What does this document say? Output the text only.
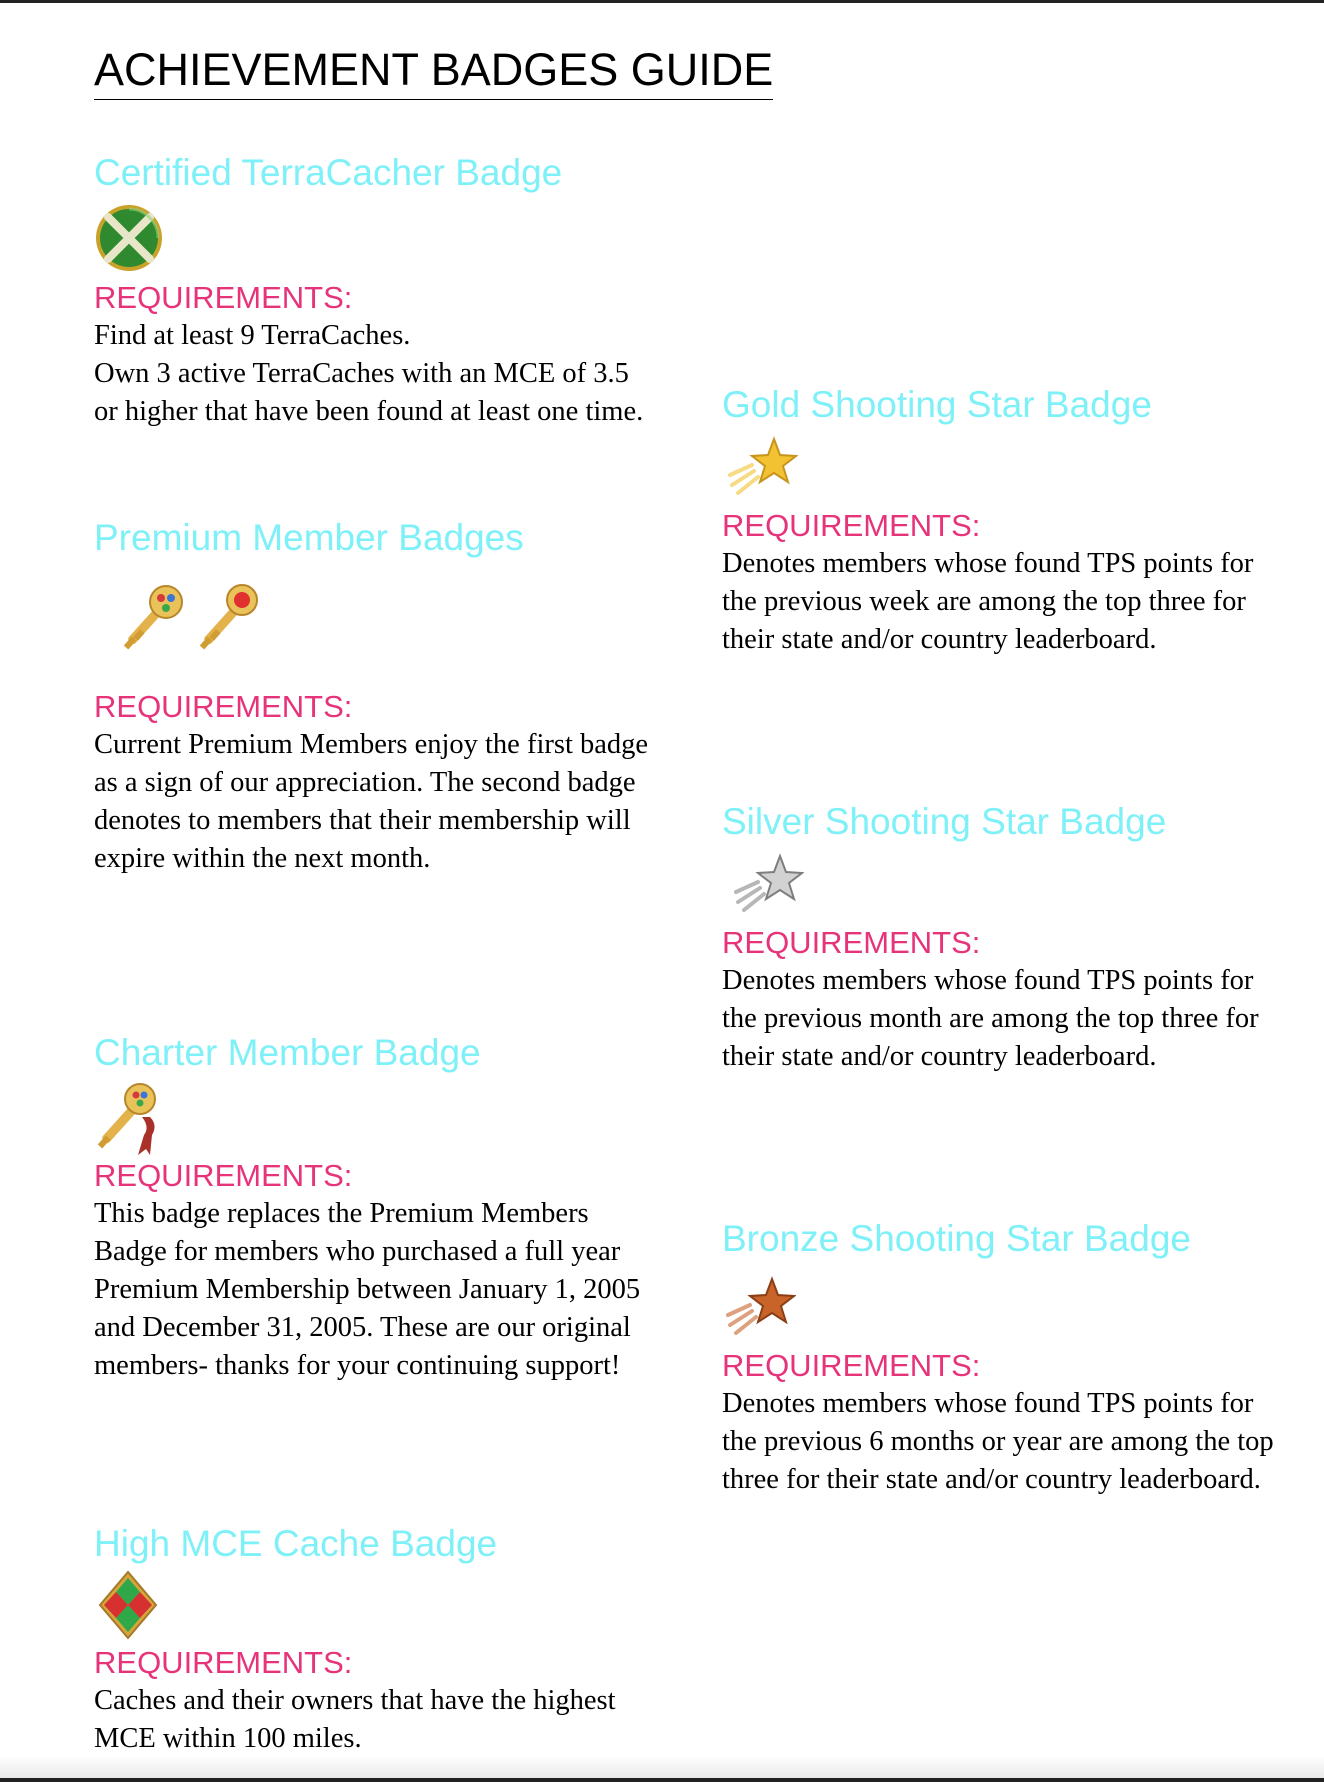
ACHIEVEMENT BADGES GUIDE
Certified TerraCacher Badge
REQUIREMENTS:
Find at least 9 TerraCaches.
Own 3 active TerraCaches with an MCE of 3.5 or higher that have been found at least one time.
Premium Member Badges
REQUIREMENTS:
Current Premium Members enjoy the first badge as a sign of our appreciation. The second badge denotes to members that their membership will expire within the next month.
Charter Member Badge
REQUIREMENTS:
This badge replaces the Premium Members Badge for members who purchased a full year Premium Membership between January 1, 2005 and December 31, 2005. These are our original members- thanks for your continuing support!
High MCE Cache Badge
REQUIREMENTS:
Caches and their owners that have the highest MCE within 100 miles.
Gold Shooting Star Badge
REQUIREMENTS:
Denotes members whose found TPS points for the previous week are among the top three for their state and/or country leaderboard.
Silver Shooting Star Badge
REQUIREMENTS:
Denotes members whose found TPS points for the previous month are among the top three for their state and/or country leaderboard.
Bronze Shooting Star Badge
REQUIREMENTS:
Denotes members whose found TPS points for the previous 6 months or year are among the top three for their state and/or country leaderboard.
